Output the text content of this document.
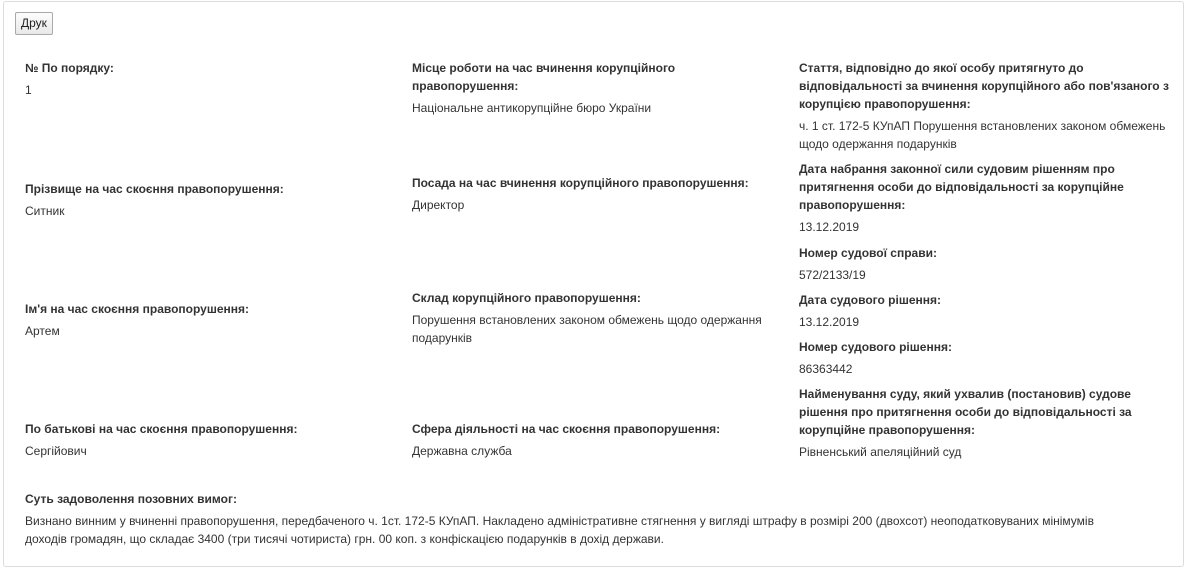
Друк
№ По порядку:
1
Прізвище на час скоєння правопорушення:
Ситник
Ім'я на час скоєння правопорушення:
Артем
По батькові на час скоєння правопорушення:
Сергійович
Місце роботи на час вчинення корупційного правопорушення:
Національне антикорупційне бюро України
Посада на час вчинення корупційного правопорушення:
Директор
Склад корупційного правопорушення:
Порушення встановлених законом обмежень щодо одержання подарунків
Сфера діяльності на час скоєння правопорушення:
Державна служба
Стаття, відповідно до якої особу притягнуто до відповідальності за вчинення корупційного або пов'язаного з корупцією правопорушення:
ч. 1 ст. 172-5 КУпАП Порушення встановлених законом обмежень щодо одержання подарунків
Дата набрання законної сили судовим рішенням про притягнення особи до відповідальності за корупційне правопорушення:
13.12.2019
Номер судової справи:
572/2133/19
Дата судового рішення:
13.12.2019
Номер судового рішення:
86363442
Найменування суду, який ухвалив (постановив) судове рішення про притягнення особи до відповідальності за корупційне правопорушення:
Рівненський апеляційний суд
Суть задоволення позовних вимог:
Визнано винним у вчиненні правопорушення, передбаченого ч. 1ст. 172-5 КУпАП. Накладено адміністративне стягнення у вигляді штрафу в розмірі 200 (двохсот) неоподатковуваних мінімумів доходів громадян, що складає 3400 (три тисячі чотириста) грн. 00 коп. з конфіскацією подарунків в дохід держави.
